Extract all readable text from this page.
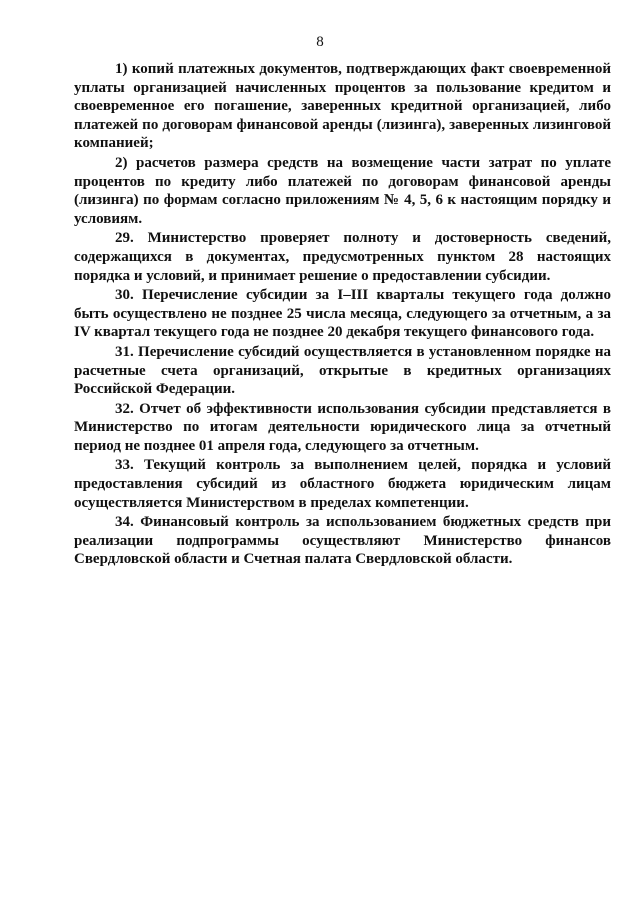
8

1) копий платежных документов, подтверждающих факт своевременной уплаты организацией начисленных процентов за пользование кредитом и своевременное его погашение, заверенных кредитной организацией, либо платежей по договорам финансовой аренды (лизинга), заверенных лизинговой компанией;

2) расчетов размера средств на возмещение части затрат по уплате процентов по кредиту либо платежей по договорам финансовой аренды (лизинга) по формам согласно приложениям № 4, 5, 6 к настоящим порядку и условиям.

29. Министерство проверяет полноту и достоверность сведений, содержащихся в документах, предусмотренных пунктом 28 настоящих порядка и условий, и принимает решение о предоставлении субсидии.

30. Перечисление субсидии за I–III кварталы текущего года должно быть осуществлено не позднее 25 числа месяца, следующего за отчетным, а за IV квартал текущего года не позднее 20 декабря текущего финансового года.

31. Перечисление субсидий осуществляется в установленном порядке на расчетные счета организаций, открытые в кредитных организациях Российской Федерации.

32. Отчет об эффективности использования субсидии представляется в Министерство по итогам деятельности юридического лица за отчетный период не позднее 01 апреля года, следующего за отчетным.

33. Текущий контроль за выполнением целей, порядка и условий предоставления субсидий из областного бюджета юридическим лицам осуществляется Министерством в пределах компетенции.

34. Финансовый контроль за использованием бюджетных средств при реализации подпрограммы осуществляют Министерство финансов Свердловской области и Счетная палата Свердловской области.
